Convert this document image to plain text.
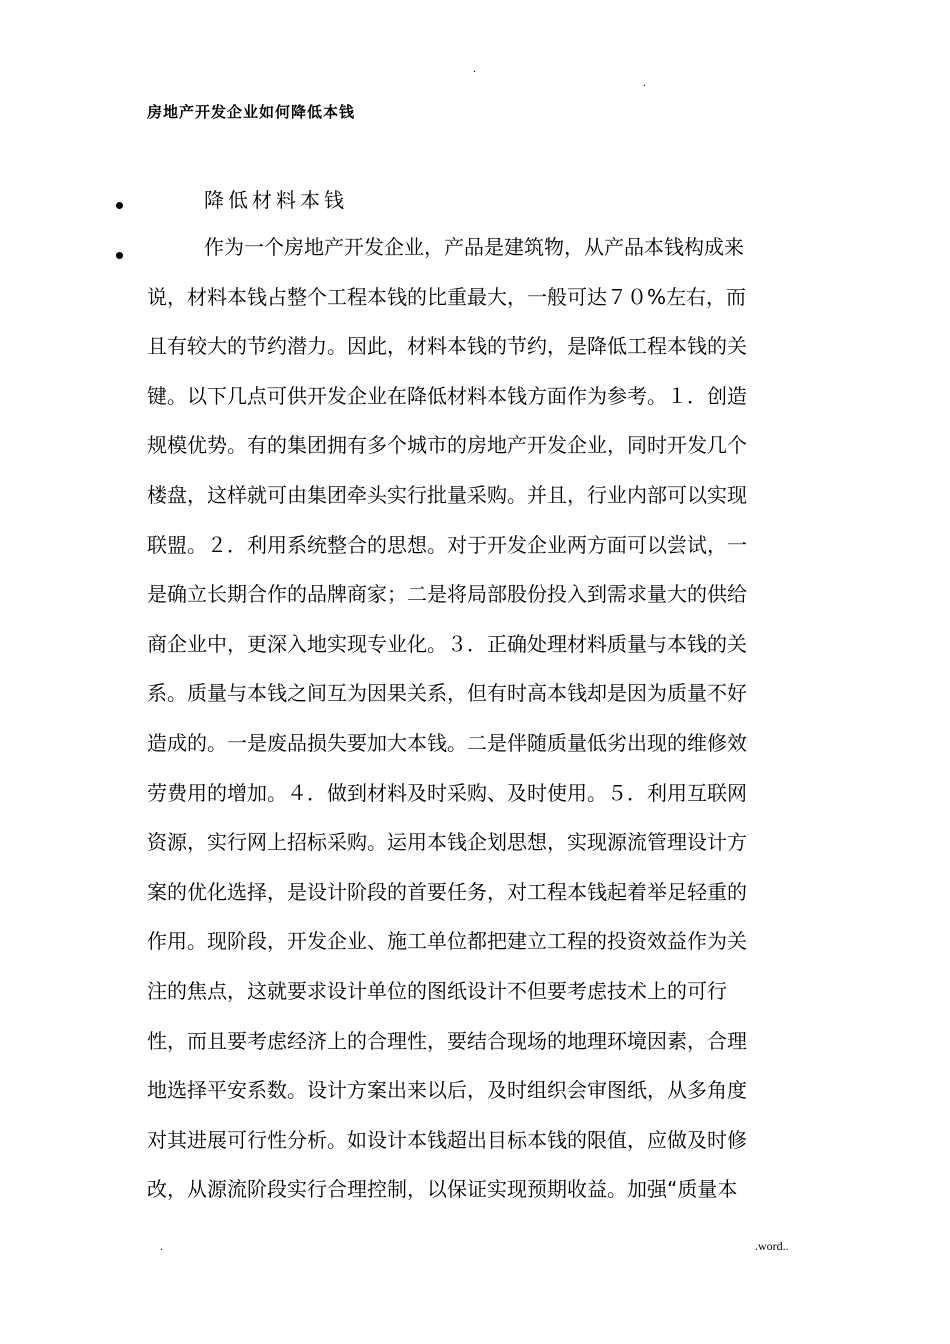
.
.
房地产开发企业如何降低本钱
降低材料本钱
作为一个房地产开发企业，产品是建筑物，从产品本钱构成来
说，材料本钱占整个工程本钱的比重最大，一般可达７０%左右，而
且有较大的节约潜力。因此，材料本钱的节约，是降低工程本钱的关
键。以下几点可供开发企业在降低材料本钱方面作为参考。１．创造
规模优势。有的集团拥有多个城市的房地产开发企业，同时开发几个
楼盘，这样就可由集团牵头实行批量采购。并且，行业内部可以实现
联盟。２．利用系统整合的思想。对于开发企业两方面可以尝试，一
是确立长期合作的品牌商家；二是将局部股份投入到需求量大的供给
商企业中，更深入地实现专业化。３．正确处理材料质量与本钱的关
系。质量与本钱之间互为因果关系，但有时高本钱却是因为质量不好
造成的。一是废品损失要加大本钱。二是伴随质量低劣出现的维修效
劳费用的增加。４．做到材料及时采购、及时使用。５．利用互联网
资源，实行网上招标采购。运用本钱企划思想，实现源流管理设计方
案的优化选择，是设计阶段的首要任务，对工程本钱起着举足轻重的
作用。现阶段，开发企业、施工单位都把建立工程的投资效益作为关
注的焦点，这就要求设计单位的图纸设计不但要考虑技术上的可行
性，而且要考虑经济上的合理性，要结合现场的地理环境因素，合理
地选择平安系数。设计方案出来以后，及时组织会审图纸，从多角度
对其进展可行性分析。如设计本钱超出目标本钱的限值，应做及时修
改，从源流阶段实行合理控制，以保证实现预期收益。加强“质量本
.	.word..
